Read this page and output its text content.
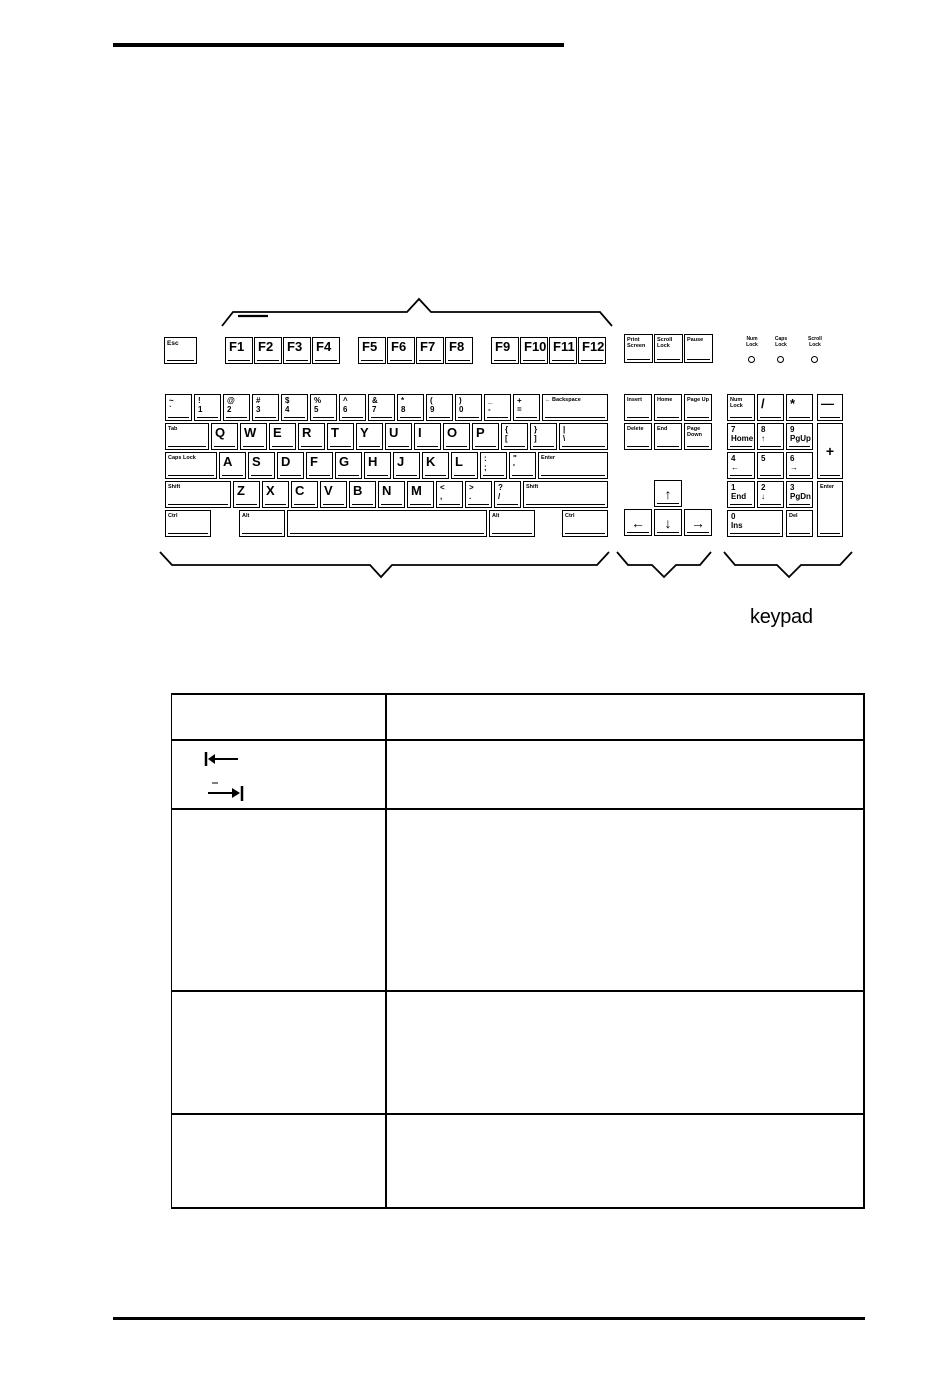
Esc	F1 F2 F3 F4 F5 F6 F7 F8 F9 F10 F11 F12	Print Screen
Scroll Lock
Pause	Num Lock
Caps Lock
Scroll Lock
~
`
!
1
@
2
#
3
$
4
%
5
^
6
&
7
*
8
(
9
)
0
_
-
+
=
← Backspace
Tab	Q W E R T Y U I O P	{
[
}
]
|
\
Caps Lock A S D F G H J K L	:
;
"
'
Enter
Shift	Z X C V B N M <
,
>
.
?
/
Shift
Ctrl	Alt	Alt	Ctrl
Insert	Home	Page Up
Delete End	Page Down
↑
← ↓ →
Num Lock	/ * —
7
Home
8
↑
9
PgUp
+
4
←
5	6
→
1
End
2
↓
3
PgDn
Enter
0
Ins
Del
keypad
